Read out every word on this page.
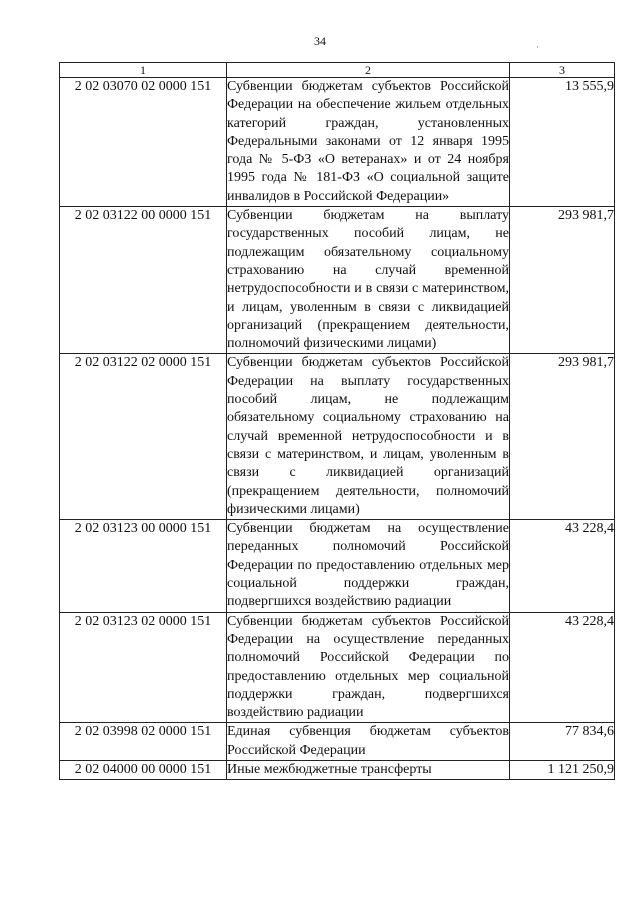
34	·
1	2	3
2 02 03070 02 0000 151	Субвенции бюджетам субъектов Российской Федерации на обеспечение жильем отдельных категорий граждан, установленных Федеральными законами от 12 января 1995 года № 5-ФЗ «О ветеранах» и от 24 ноября 1995 года № 181-ФЗ «О социальной защите инвалидов в Российской Федерации»	13 555,9
2 02 03122 00 0000 151	Субвенции бюджетам на выплату государственных пособий лицам, не подлежащим обязательному социальному страхованию на случай временной нетрудоспособности и в связи с материнством, и лицам, уволенным в связи с ликвидацией организаций (прекращением деятельности, полномочий физическими лицами)	293 981,7
2 02 03122 02 0000 151	Субвенции бюджетам субъектов Российской Федерации на выплату государственных пособий лицам, не подлежащим обязательному социальному страхованию на случай временной нетрудоспособности и в связи с материнством, и лицам, уволенным в связи с ликвидацией организаций (прекращением деятельности, полномочий физическими лицами)	293 981,7
2 02 03123 00 0000 151	Субвенции бюджетам на осуществление переданных полномочий Российской Федерации по предоставлению отдельных мер социальной поддержки граждан, подвергшихся воздействию радиации	43 228,4
2 02 03123 02 0000 151	Субвенции бюджетам субъектов Российской Федерации на осуществление переданных полномочий Российской Федерации по предоставлению отдельных мер социальной поддержки граждан, подвергшихся воздействию радиации	43 228,4
2 02 03998 02 0000 151	Единая субвенция бюджетам субъектов Российской Федерации	77 834,6
2 02 04000 00 0000 151	Иные межбюджетные трансферты	1 121 250,9
